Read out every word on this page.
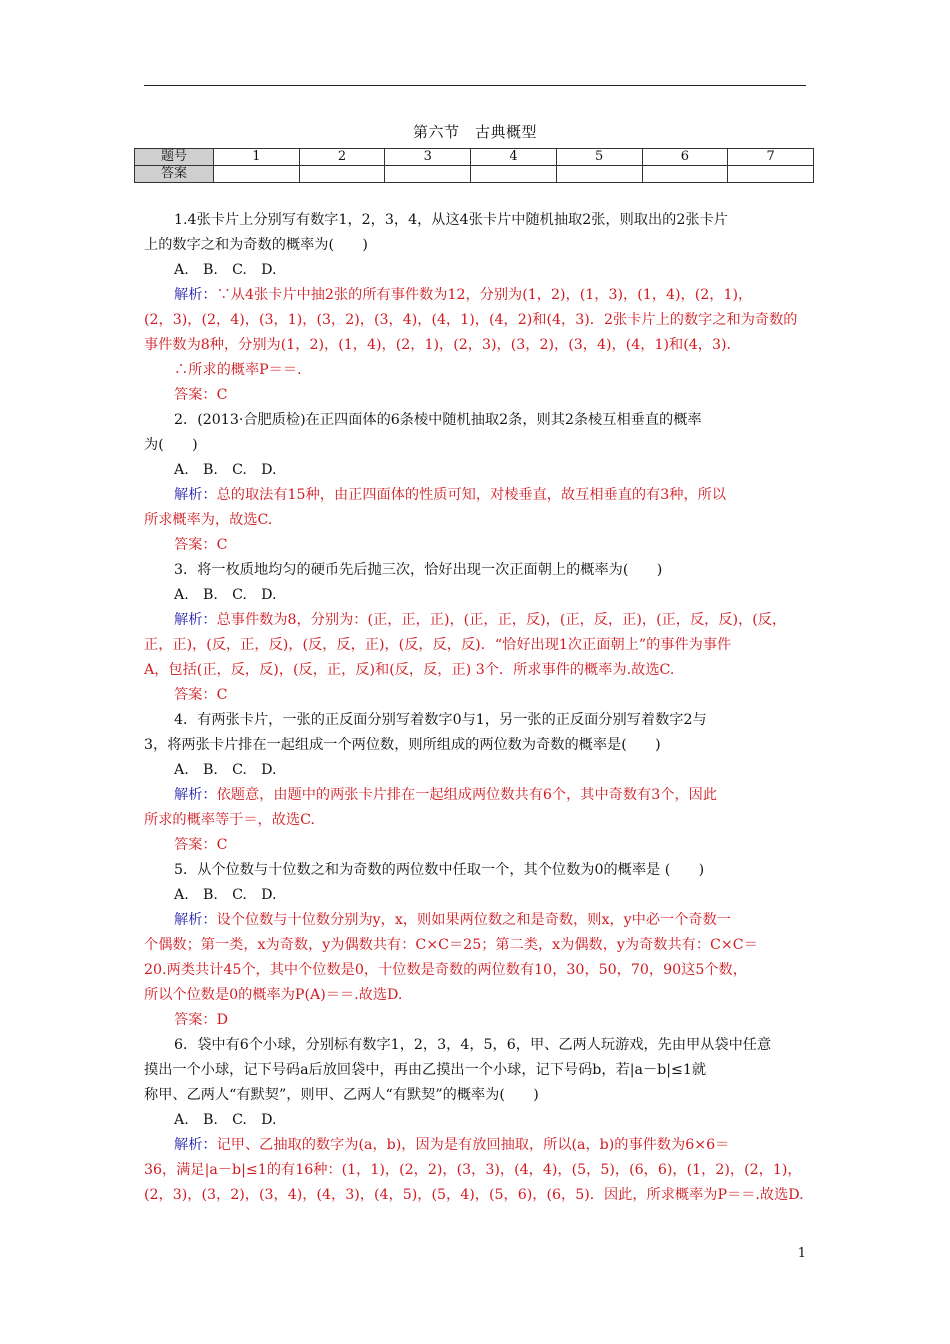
第六节　古典概型
题号	1	2	3	4	5	6	7
答案							

1.4张卡片上分别写有数字1，2，3，4，从这4张卡片中随机抽取2张，则取出的2张卡片

上的数字之和为奇数的概率为(　　)

A.　B.　C.　D.

解析：∵从4张卡片中抽2张的所有事件数为12，分别为(1，2)，(1，3)，(1，4)，(2，1)，

(2，3)，(2，4)，(3，1)，(3，2)，(3，4)，(4，1)，(4，2)和(4，3)．2张卡片上的数字之和为奇数的

事件数为8种，分别为(1，2)，(1，4)，(2，1)，(2，3)，(3，2)，(3，4)，(4，1)和(4，3)．

∴所求的概率P＝＝.

答案：C

2．(2013·合肥质检)在正四面体的6条棱中随机抽取2条，则其2条棱互相垂直的概率

为(　　)

A.　B.　C.　D.

解析：总的取法有15种，由正四面体的性质可知，对棱垂直，故互相垂直的有3种，所以

所求概率为，故选C.

答案：C

3．将一枚质地均匀的硬币先后抛三次，恰好出现一次正面朝上的概率为(　　)

A.　B.　C.　D.

解析：总事件数为8，分别为：(正，正，正)，(正，正，反)，(正，反，正)，(正，反，反)，(反，

正，正)，(反，正，反)，(反，反，正)，(反，反，反)．“恰好出现1次正面朝上”的事件为事件

A，包括(正，反，反)，(反，正，反)和(反，反，正) 3个．所求事件的概率为.故选C.

答案：C

4．有两张卡片，一张的正反面分别写着数字0与1，另一张的正反面分别写着数字2与

3，将两张卡片排在一起组成一个两位数，则所组成的两位数为奇数的概率是(　　)

A.　B.　C.　D.

解析：依题意，由题中的两张卡片排在一起组成两位数共有6个，其中奇数有3个，因此

所求的概率等于＝，故选C.

答案：C

5．从个位数与十位数之和为奇数的两位数中任取一个，其个位数为0的概率是 (　　)

A.　B.　C.　D.

解析：设个位数与十位数分别为y，x，则如果两位数之和是奇数，则x，y中必一个奇数一

个偶数；第一类，x为奇数，y为偶数共有：C×C＝25；第二类，x为偶数，y为奇数共有：C×C＝

20.两类共计45个，其中个位数是0，十位数是奇数的两位数有10，30，50，70，90这5个数，

所以个位数是0的概率为P(A)＝＝.故选D.

答案：D

6．袋中有6个小球，分别标有数字1，2，3，4，5，6，甲、乙两人玩游戏，先由甲从袋中任意

摸出一个小球，记下号码a后放回袋中，再由乙摸出一个小球，记下号码b，若|a－b|≤1就

称甲、乙两人“有默契”，则甲、乙两人“有默契”的概率为(　　)

A.　B.　C.　D.

解析：记甲、乙抽取的数字为(a，b)，因为是有放回抽取，所以(a，b)的事件数为6×6＝

36，满足|a－b|≤1的有16种：(1，1)，(2，2)，(3，3)，(4，4)，(5，5)，(6，6)，(1，2)，(2，1)，

(2，3)，(3，2)，(3，4)，(4，3)，(4，5)，(5，4)，(5，6)，(6，5)．因此，所求概率为P＝＝.故选D.

1
